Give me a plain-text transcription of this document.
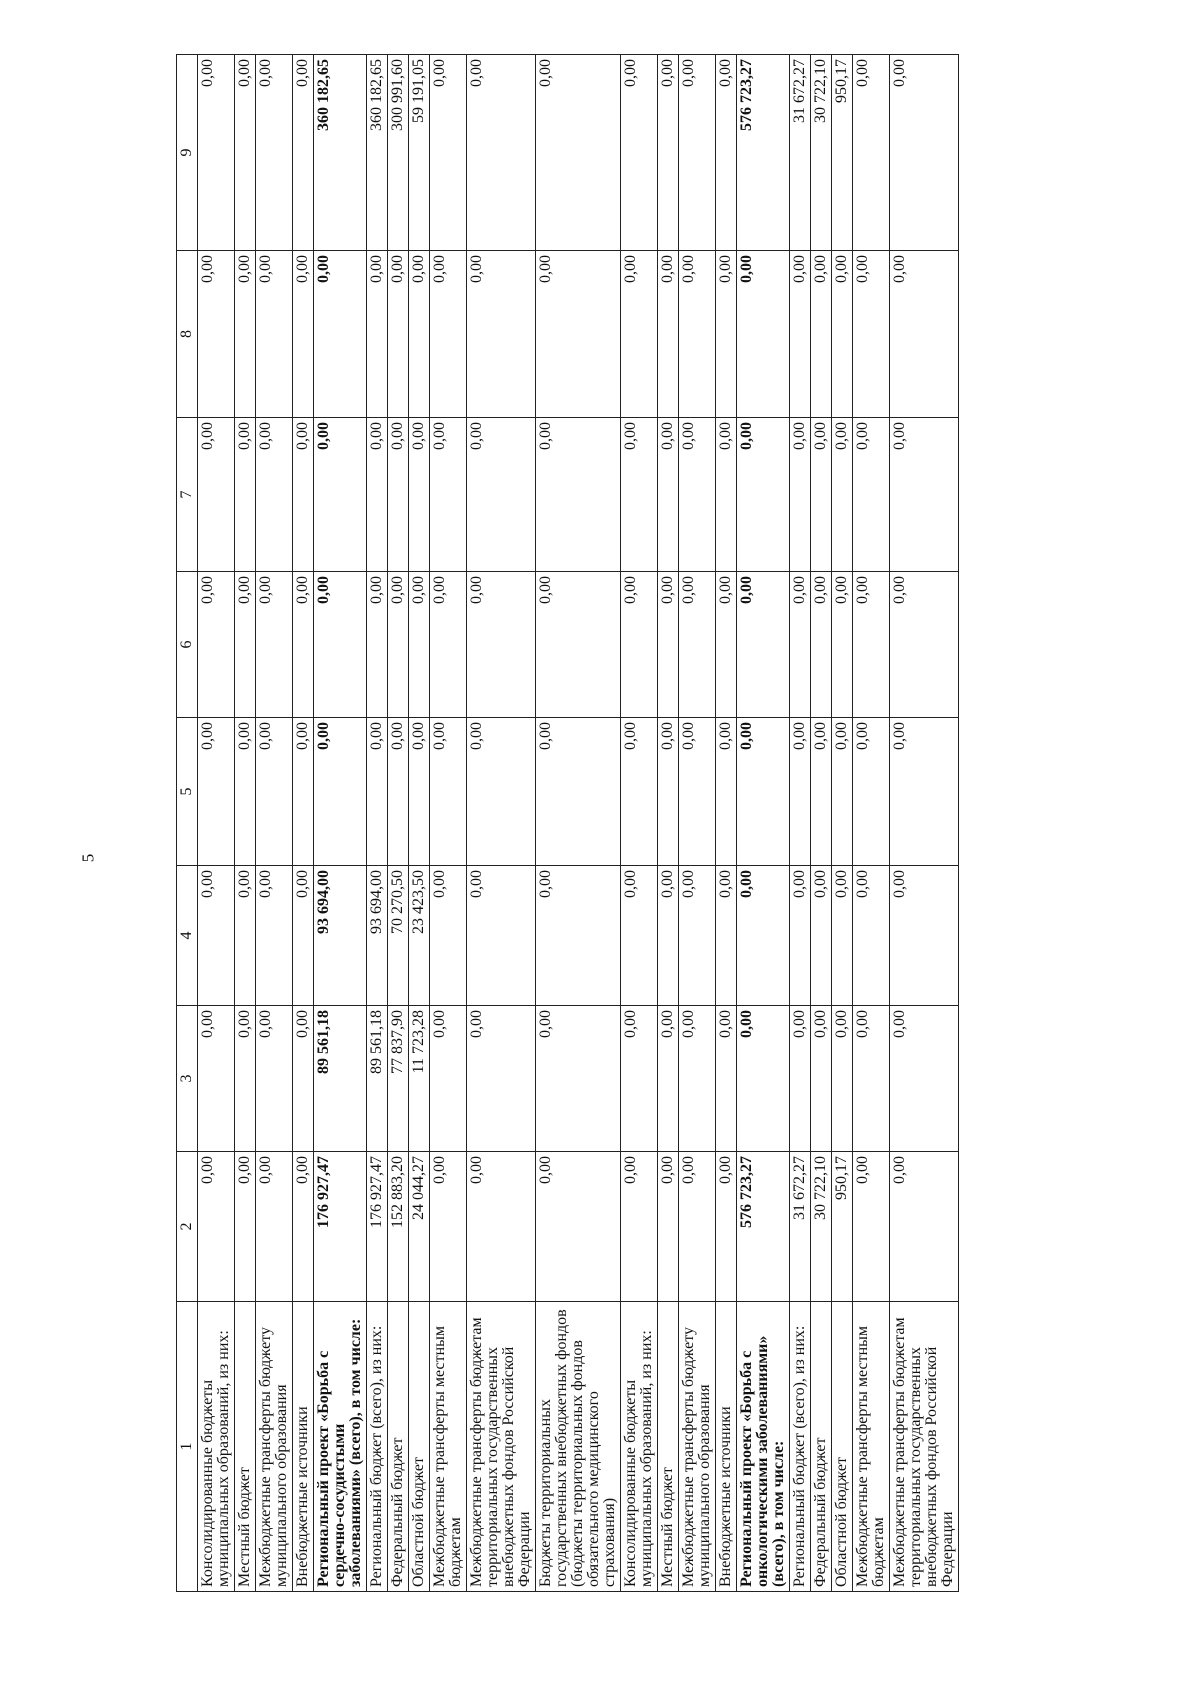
5
1	2	3	4	5	6	7	8	9
Консолидированные бюджеты муниципальных образований, из них:	0,00	0,00	0,00	0,00	0,00	0,00	0,00	0,00
Местный бюджет	0,00	0,00	0,00	0,00	0,00	0,00	0,00	0,00
Межбюджетные трансферты бюджету муниципального образования	0,00	0,00	0,00	0,00	0,00	0,00	0,00	0,00
Внебюджетные источники	0,00	0,00	0,00	0,00	0,00	0,00	0,00	0,00
Региональный проект «Борьба с сердечно-сосудистыми заболеваниями» (всего), в том числе:	176 927,47	89 561,18	93 694,00	0,00	0,00	0,00	0,00	360 182,65
Региональный бюджет (всего), из них:	176 927,47	89 561,18	93 694,00	0,00	0,00	0,00	0,00	360 182,65
Федеральный бюджет	152 883,20	77 837,90	70 270,50	0,00	0,00	0,00	0,00	300 991,60
Областной бюджет	24 044,27	11 723,28	23 423,50	0,00	0,00	0,00	0,00	59 191,05
Межбюджетные трансферты местным бюджетам	0,00	0,00	0,00	0,00	0,00	0,00	0,00	0,00
Межбюджетные трансферты бюджетам территориальных государственных внебюджетных фондов Российской Федерации	0,00	0,00	0,00	0,00	0,00	0,00	0,00	0,00
Бюджеты территориальных государственных внебюджетных фондов (бюджеты территориальных фондов обязательного медицинского страхования)	0,00	0,00	0,00	0,00	0,00	0,00	0,00	0,00
Консолидированные бюджеты муниципальных образований, из них:	0,00	0,00	0,00	0,00	0,00	0,00	0,00	0,00
Местный бюджет	0,00	0,00	0,00	0,00	0,00	0,00	0,00	0,00
Межбюджетные трансферты бюджету муниципального образования	0,00	0,00	0,00	0,00	0,00	0,00	0,00	0,00
Внебюджетные источники	0,00	0,00	0,00	0,00	0,00	0,00	0,00	0,00
Региональный проект «Борьба с онкологическими заболеваниями» (всего), в том числе:	576 723,27	0,00	0,00	0,00	0,00	0,00	0,00	576 723,27
Региональный бюджет (всего), из них:	31 672,27	0,00	0,00	0,00	0,00	0,00	0,00	31 672,27
Федеральный бюджет	30 722,10	0,00	0,00	0,00	0,00	0,00	0,00	30 722,10
Областной бюджет	950,17	0,00	0,00	0,00	0,00	0,00	0,00	950,17
Межбюджетные трансферты местным бюджетам	0,00	0,00	0,00	0,00	0,00	0,00	0,00	0,00
Межбюджетные трансферты бюджетам территориальных государственных внебюджетных фондов Российской Федерации	0,00	0,00	0,00	0,00	0,00	0,00	0,00	0,00
